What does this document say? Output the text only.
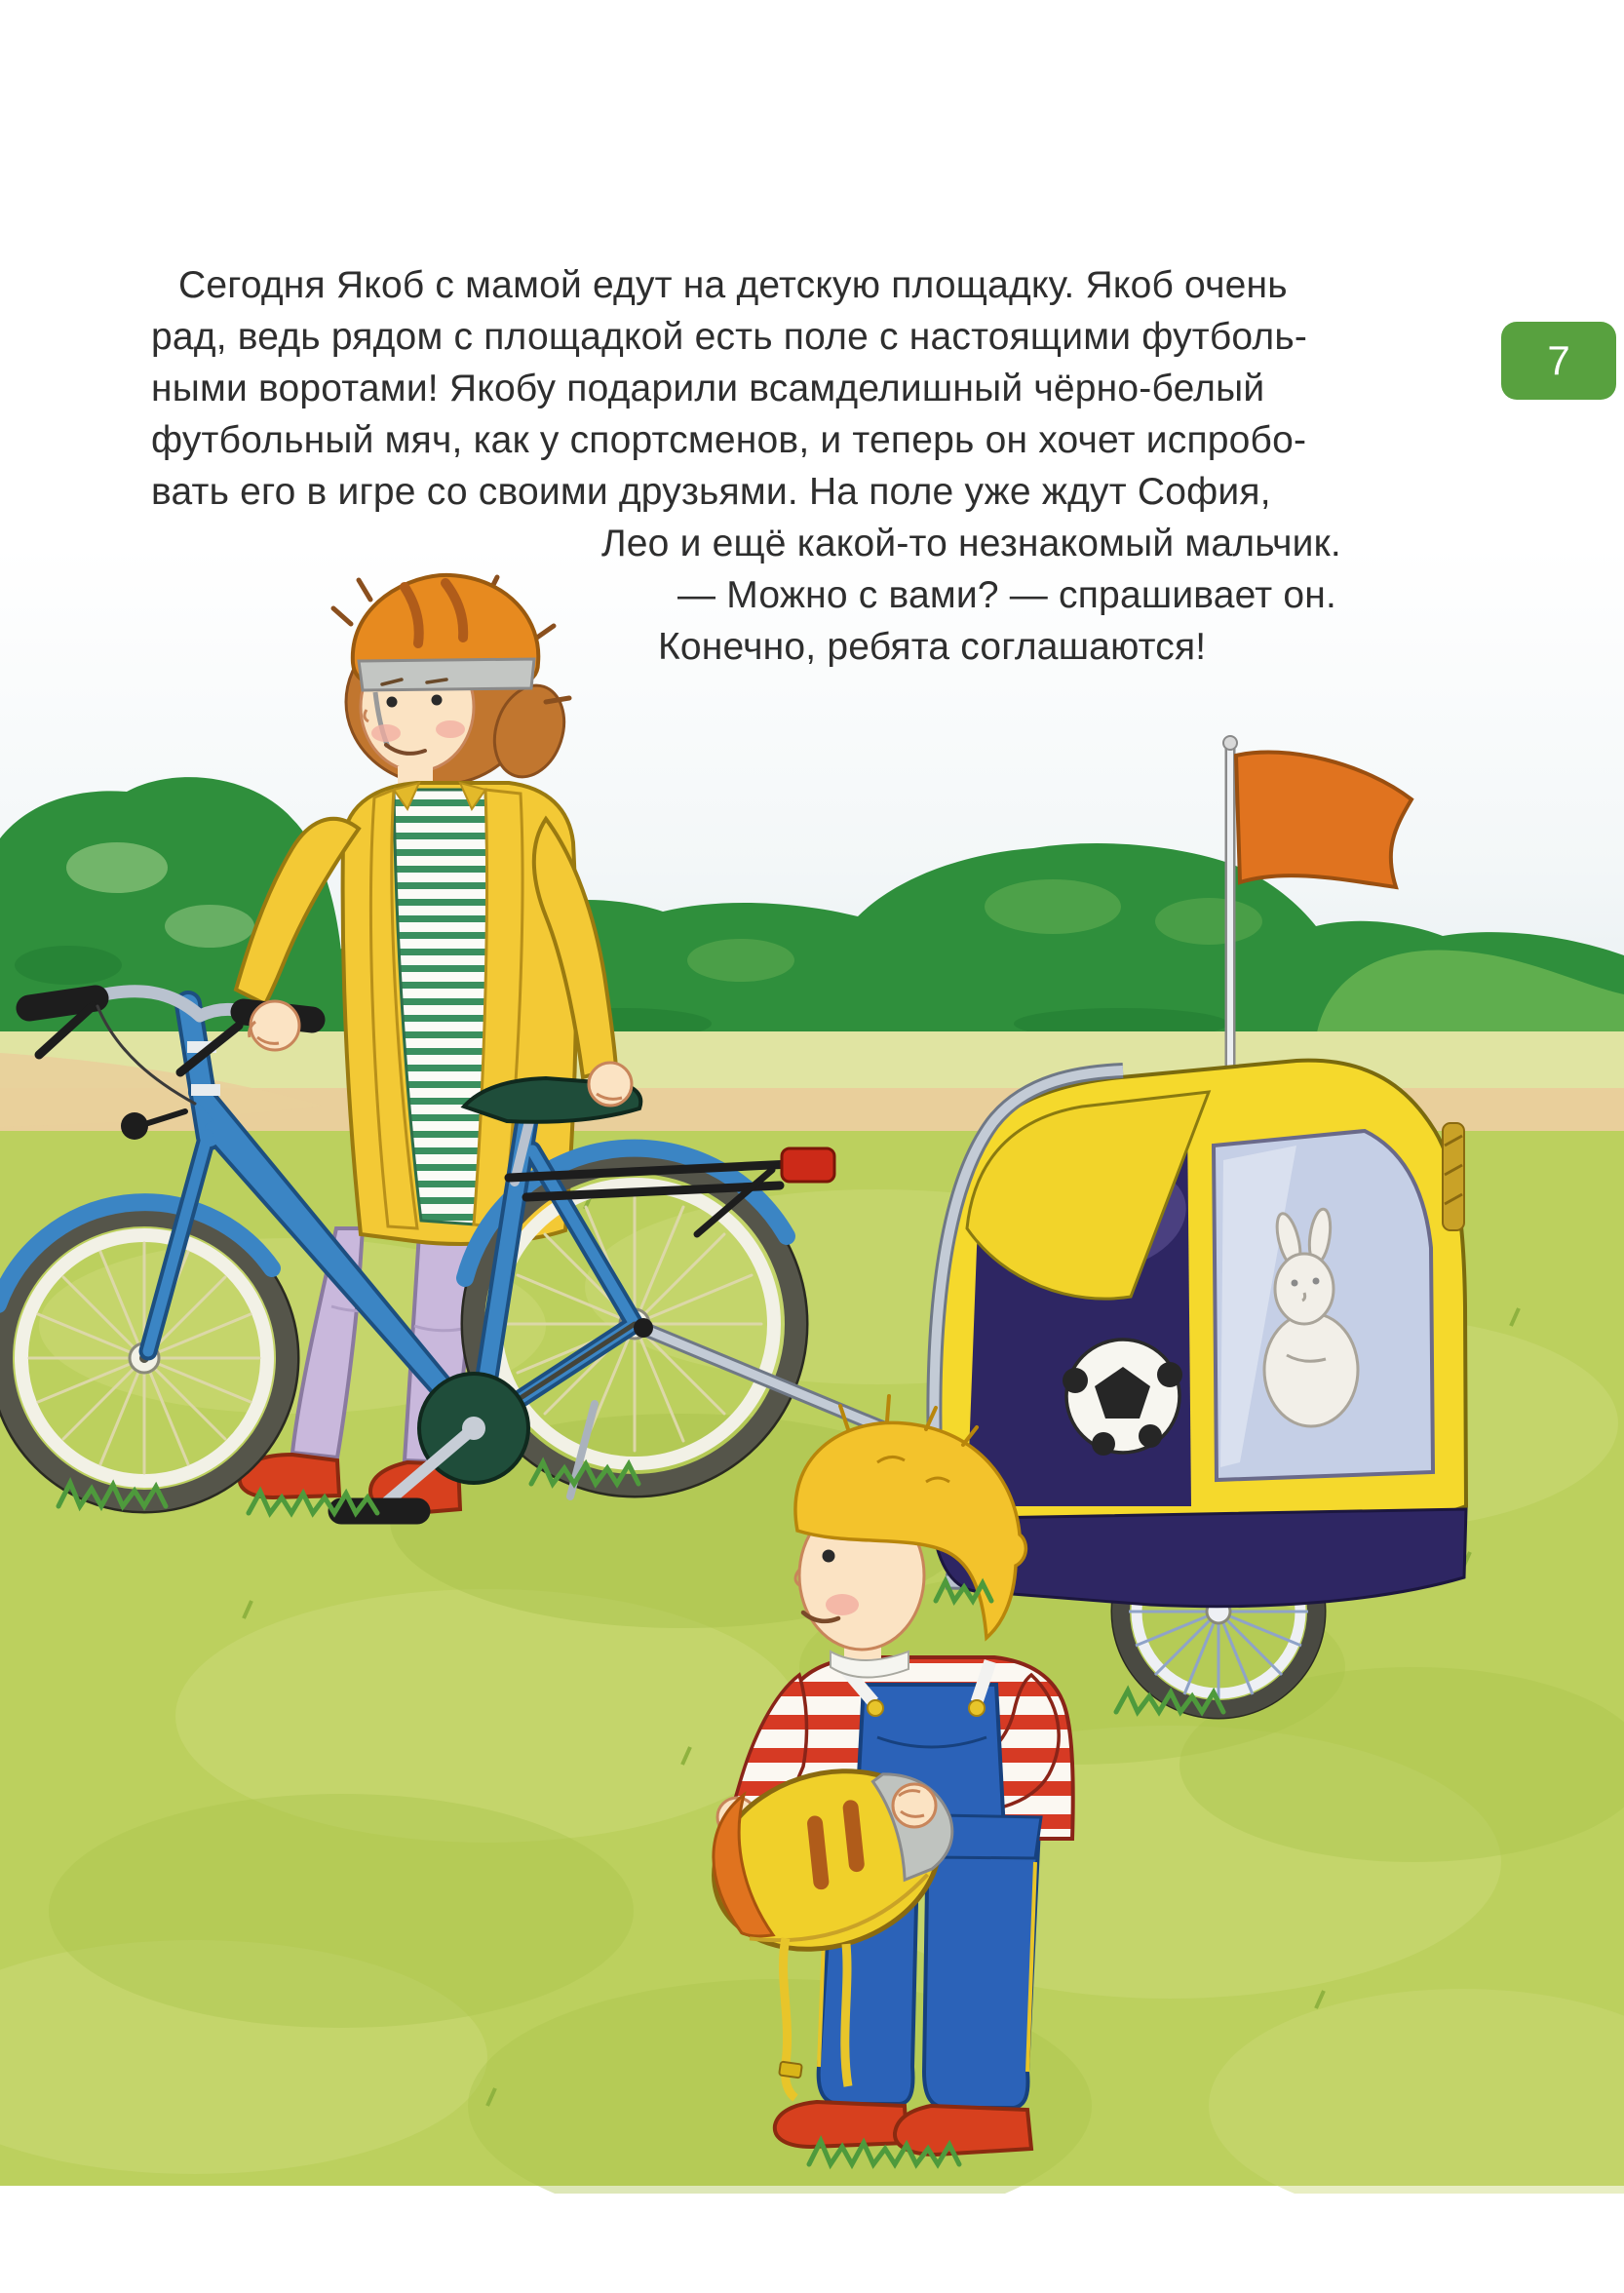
Сегодня Якоб с мамой едут на детскую площадку. Якоб очень
рад, ведь рядом с площадкой есть поле с настоящими футболь-
ными воротами! Якобу подарили всамделишный чёрно-белый
футбольный мяч, как у спортсменов, и теперь он хочет испробо-
вать его в игре со своими друзьями. На поле уже ждут София,
Лео и ещё какой-то незнакомый мальчик.
— Можно с вами? — спрашивает он.
Конечно, ребята соглашаются!
7
